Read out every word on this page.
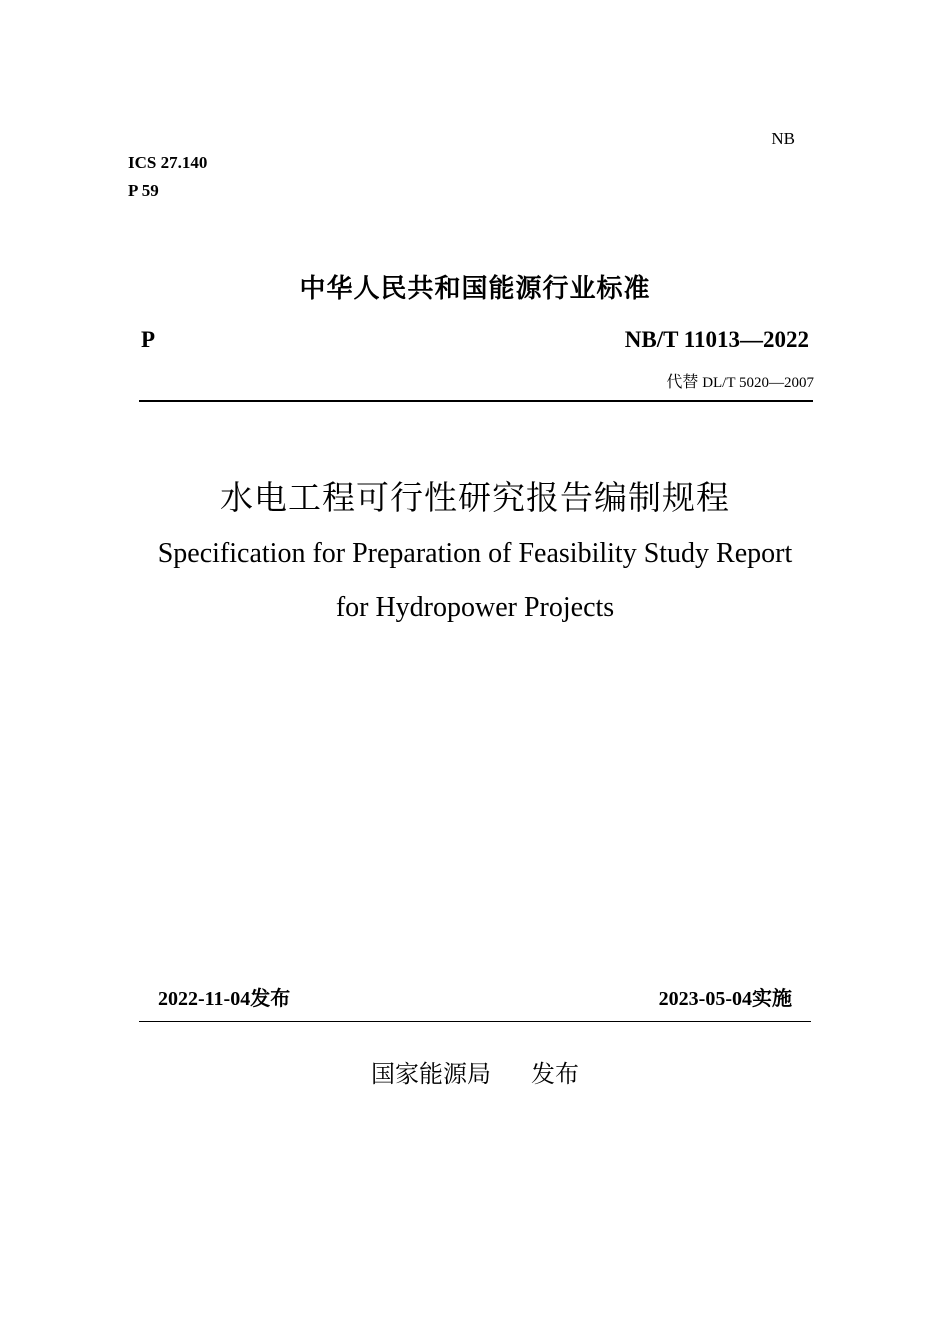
NB
ICS 27.140
P 59
中华人民共和国能源行业标准
P	NB/T 11013—2022
代替 DL/T 5020—2007
水电工程可行性研究报告编制规程
Specification for Preparation of Feasibility Study Report
for Hydropower Projects
2022-11-04发布	2023-05-04实施
国家能源局 发布
